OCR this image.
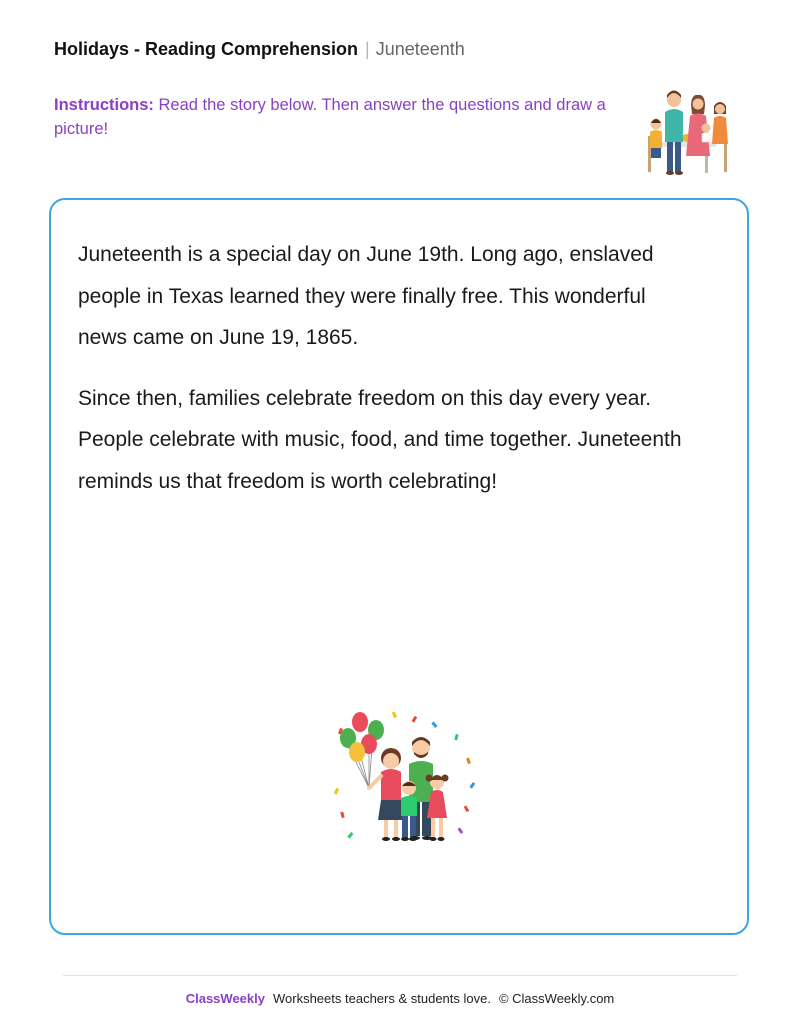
Holidays - Reading Comprehension | Juneteenth
Instructions: Read the story below. Then answer the questions and draw a picture!

Juneteenth is a special day on June 19th. Long ago, enslaved people in Texas learned they were finally free. This wonderful news came on June 19, 1865.

Since then, families celebrate freedom on this day every year. People celebrate with music, food, and time together. Juneteenth reminds us that freedom is worth celebrating!

ClassWeekly Worksheets teachers & students love. © ClassWeekly.com
